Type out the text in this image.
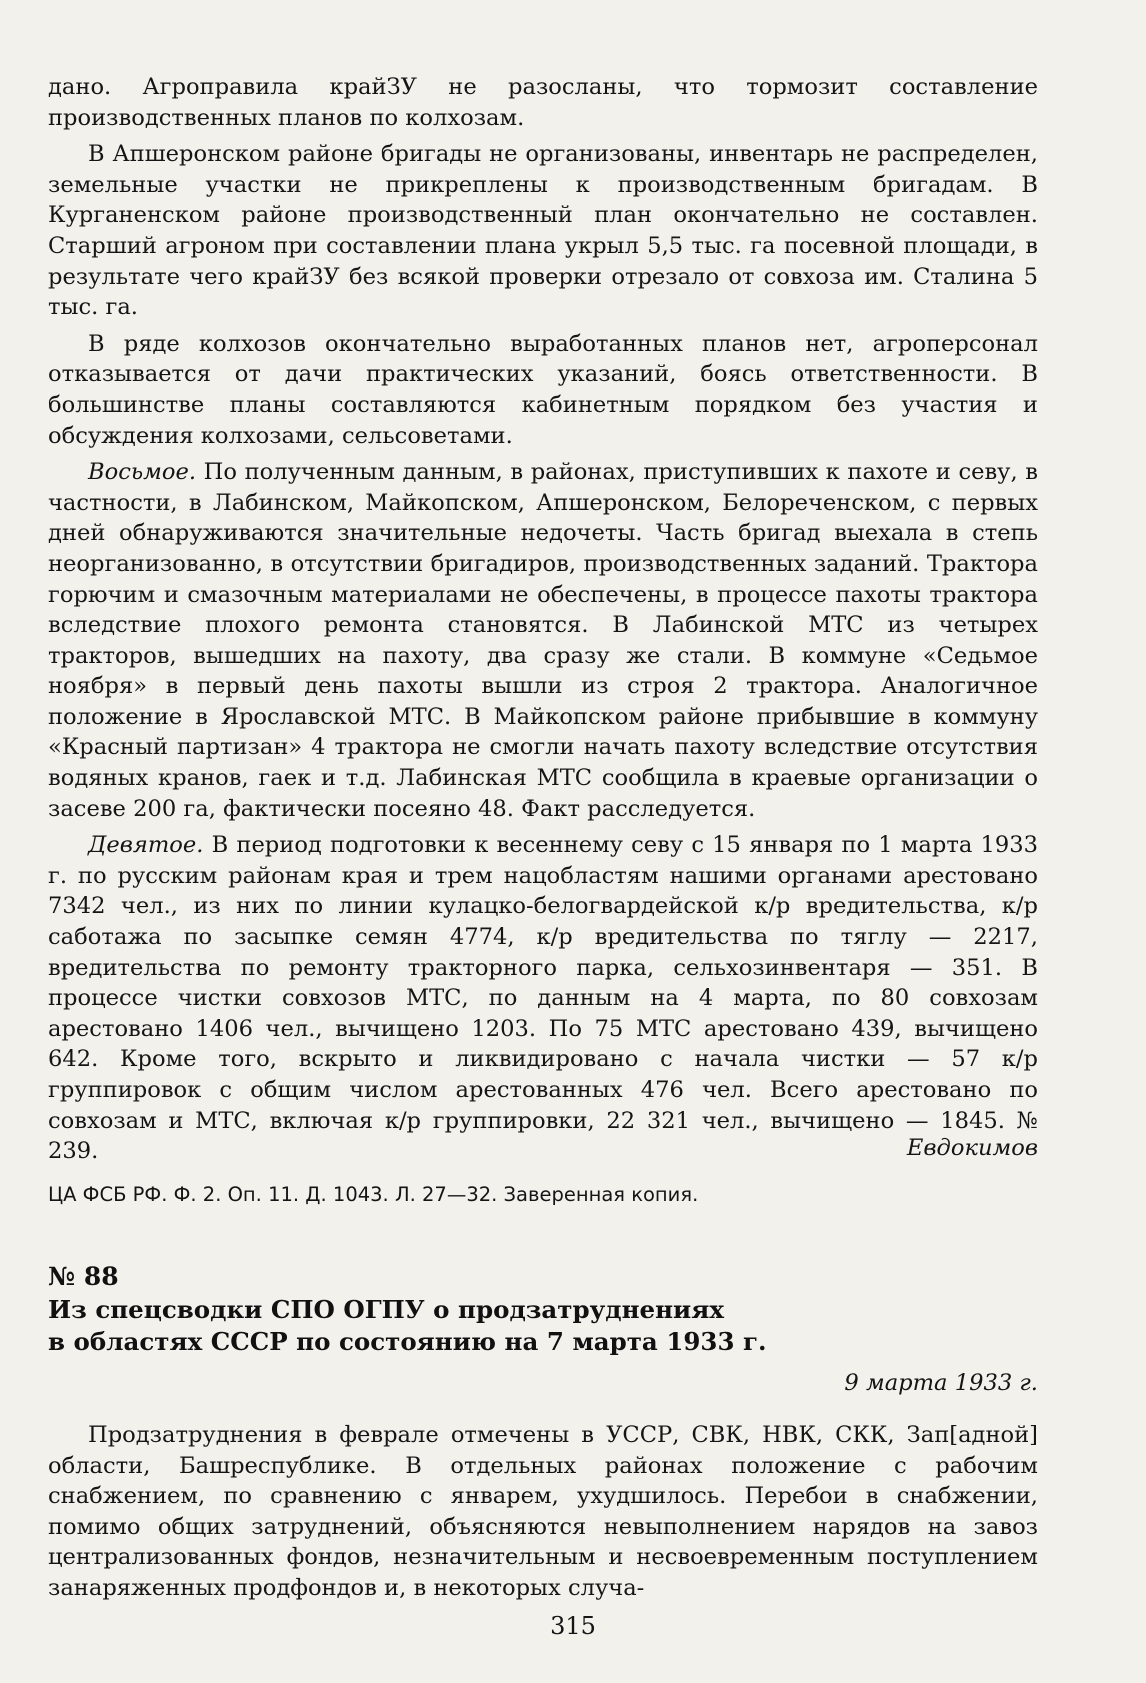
дано. Агроправила крайЗУ не разосланы, что тормозит составление производственных планов по колхозам.

В Апшеронском районе бригады не организованы, инвентарь не распределен, земельные участки не прикреплены к производственным бригадам. В Курганенском районе производственный план окончательно не составлен. Старший агроном при составлении плана укрыл 5,5 тыс. га посевной площади, в результате чего крайЗУ без всякой проверки отрезало от совхоза им. Сталина 5 тыс. га.

В ряде колхозов окончательно выработанных планов нет, агроперсонал отказывается от дачи практических указаний, боясь ответственности. В большинстве планы составляются кабинетным порядком без участия и обсуждения колхозами, сельсоветами.

Восьмое. По полученным данным, в районах, приступивших к пахоте и севу, в частности, в Лабинском, Майкопском, Апшеронском, Белореченском, с первых дней обнаруживаются значительные недочеты. Часть бригад выехала в степь неорганизованно, в отсутствии бригадиров, производственных заданий. Трактора горючим и смазочным материалами не обеспечены, в процессе пахоты трактора вследствие плохого ремонта становятся. В Лабинской МТС из четырех тракторов, вышедших на пахоту, два сразу же стали. В коммуне «Седьмое ноября» в первый день пахоты вышли из строя 2 трактора. Аналогичное положение в Ярославской МТС. В Майкопском районе прибывшие в коммуну «Красный партизан» 4 трактора не смогли начать пахоту вследствие отсутствия водяных кранов, гаек и т.д. Лабинская МТС сообщила в краевые организации о засеве 200 га, фактически посеяно 48. Факт расследуется.

Девятое. В период подготовки к весеннему севу с 15 января по 1 марта 1933 г. по русским районам края и трем нацобластям нашими органами арестовано 7342 чел., из них по линии кулацко-белогвардейской к/р вредительства, к/р саботажа по засыпке семян 4774, к/р вредительства по тяглу — 2217, вредительства по ремонту тракторного парка, сельхозинвентаря — 351. В процессе чистки совхозов МТС, по данным на 4 марта, по 80 совхозам арестовано 1406 чел., вычищено 1203. По 75 МТС арестовано 439, вычищено 642. Кроме того, вскрыто и ликвидировано с начала чистки — 57 к/р группировок с общим числом арестованных 476 чел. Всего арестовано по совхозам и МТС, включая к/р группировки, 22 321 чел., вычищено — 1845. № 239.	Евдокимов
ЦА ФСБ РФ. Ф. 2. Оп. 11. Д. 1043. Л. 27—32. Заверенная копия.
№ 88
Из спецсводки СПО ОГПУ о продзатруднениях
в областях СССР по состоянию на 7 марта 1933 г.
9 марта 1933 г.

Продзатруднения в феврале отмечены в УССР, СВК, НВК, СКК, Зап[адной] области, Башреспублике. В отдельных районах положение с рабочим снабжением, по сравнению с январем, ухудшилось. Перебои в снабжении, помимо общих затруднений, объясняются невыполнением нарядов на завоз централизованных фондов, незначительным и несвоевременным поступлением занаряженных продфондов и, в некоторых случа-

315
